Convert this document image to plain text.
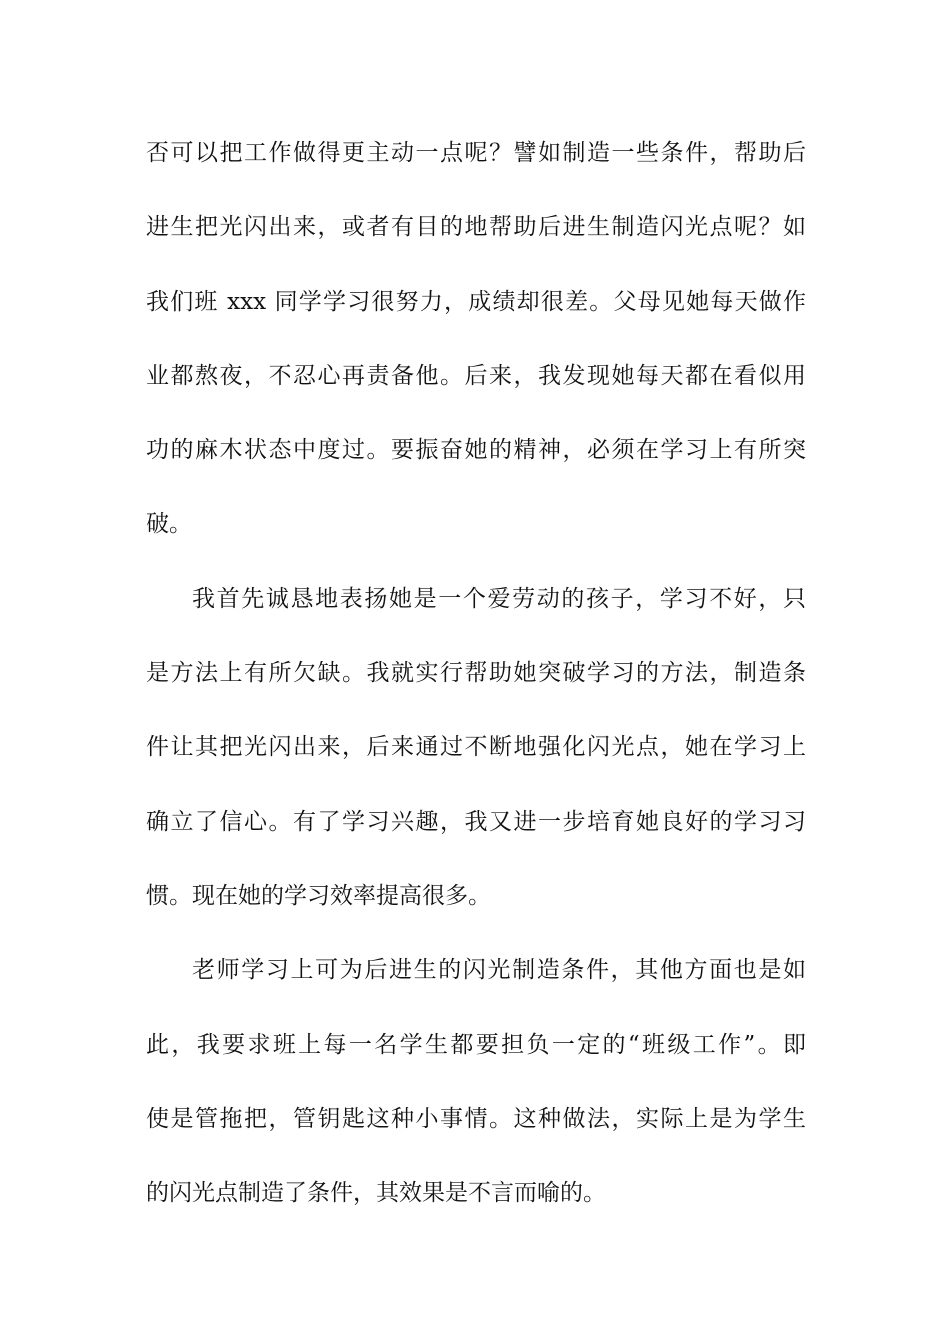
否可以把工作做得更主动一点呢？譬如制造一些条件，帮助后
进生把光闪出来，或者有目的地帮助后进生制造闪光点呢？如
我们班 xxx 同学学习很努力，成绩却很差。父母见她每天做作
业都熬夜，不忍心再责备他。后来，我发现她每天都在看似用
功的麻木状态中度过。要振奋她的精神，必须在学习上有所突
破。
我首先诚恳地表扬她是一个爱劳动的孩子，学习不好，只
是方法上有所欠缺。我就实行帮助她突破学习的方法，制造条
件让其把光闪出来，后来通过不断地强化闪光点，她在学习上
确立了信心。有了学习兴趣，我又进一步培育她良好的学习习
惯。现在她的学习效率提高很多。
老师学习上可为后进生的闪光制造条件，其他方面也是如
此，我要求班上每一名学生都要担负一定的“班级工作”。即
使是管拖把，管钥匙这种小事情。这种做法，实际上是为学生
的闪光点制造了条件，其效果是不言而喻的。
